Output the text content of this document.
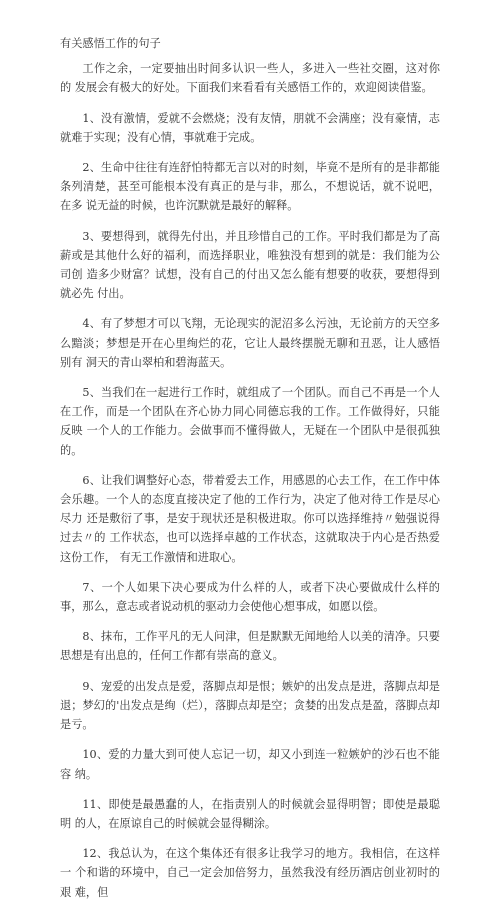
有关感悟工作的句子

工作之余，一定要抽出时间多认识一些人，多进入一些社交圈，这对你的 发展会有极大的好处。下面我们来看看有关感悟工作的，欢迎阅读借鉴。

1、没有激情，爱就不会燃烧；没有友情，朋就不会满座；没有豪情，志就难于实现；没有心情，事就难于完成。

2、生命中往往有连舒怕特都无言以对的时刻，毕竟不是所有的是非都能条列清楚，甚至可能根本没有真正的是与非，那么，不想说话，就不说吧，在多 说无益的时候，也许沉默就是最好的解释。

3、要想得到，就得先付出，并且珍惜自己的工作。平时我们都是为了高薪或是其他什么好的福利，而选择职业，唯独没有想到的就是：我们能为公司创 造多少财富？试想，没有自己的付出又怎么能有想要的收获，要想得到就必先 付出。

4、有了梦想才可以飞翔，无论现实的泥沼多么污浊，无论前方的天空多么黯淡；梦想是开在心里绚烂的花，它让人最终摆脱无聊和丑恶，让人感悟别有 洞天的青山翠柏和碧海蓝天。

5、当我们在一起进行工作时，就组成了一个团队。而自己不再是一个人在工作，而是一个团队在齐心协力同心同德忘我的工作。工作做得好，只能反映 一个人的工作能力。会做事而不懂得做人，无疑在一个团队中是很孤独的。

6、让我们调整好心态，带着爱去工作，用感恩的心去工作，在工作中体会乐趣。一个人的态度直接决定了他的工作行为，决定了他对待工作是尽心尽力 还是敷衍了事，是安于现状还是积极进取。你可以选择维持〃勉强说得过去〃的 工作状态，也可以选择卓越的工作状态，这就取决于内心是否热爱这份工作， 有无工作激情和进取心。

7、一个人如果下决心要成为什么样的人，或者下决心要做成什么样的事，那么，意志或者说动机的驱动力会使他心想事成，如愿以偿。

8、抹布，工作平凡的无人问津，但是默默无闻地给人以美的清净。只要思想是有出息的，任何工作都有崇高的意义。

9、宠爱的出发点是爱，落脚点却是恨；嫉妒的出发点是进，落脚点却是 退；梦幻的'出发点是绚（烂），落脚点却是空；贪婪的出发点是盈，落脚点却 是亏。

10、爱的力量大到可使人忘记一切，却又小到连一粒嫉妒的沙石也不能容 纳。

11、即使是最愚蠢的人，在指责别人的时候就会显得明智；即使是最聪明 的人，在原谅自己的时候就会显得糊涂。

12、我总认为，在这个集体还有很多让我学习的地方。我相信，在这样一 个和谐的环境中，自己一定会加倍努力，虽然我没有经历酒店创业初时的艰 难，但
